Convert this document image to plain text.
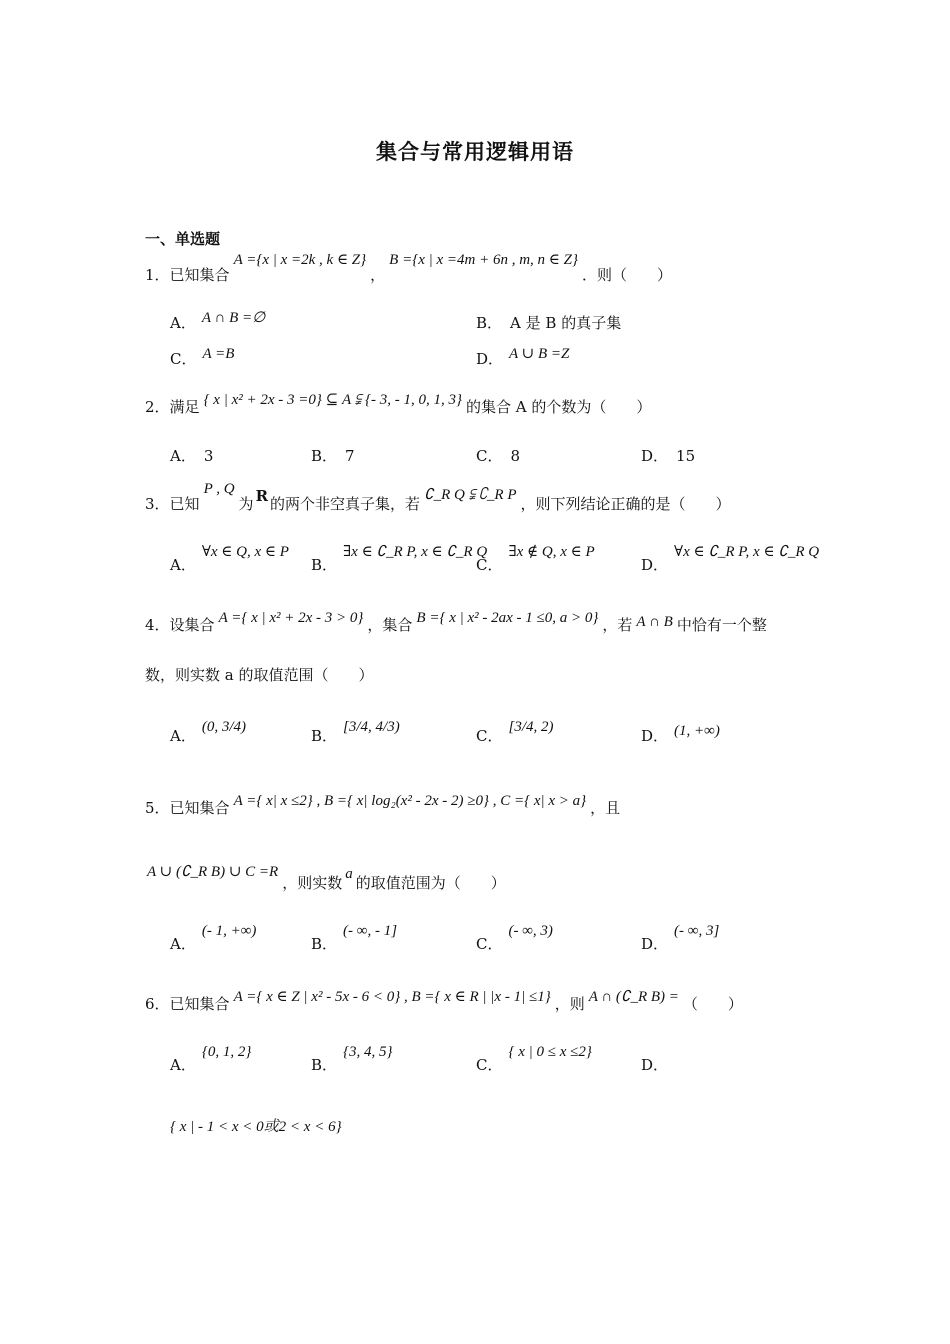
集合与常用逻辑用语
一、单选题
1．已知集合A ={x | x =2k , k ∈ Z}，B ={x | x =4m + 6n , m, n ∈ Z}．则（　　）
A． A ∩ B =∅	B． A 是 B 的真子集
C． A =B	D． A ∪ B =Z
2．满足 { x | x² + 2x - 3 =0} ⊆ A ⫋ {- 3, - 1, 0, 1, 3} 的集合 A 的个数为（　　）
A． 3	B． 7	C． 8	D． 15
3．已知P , Q为 R 的两个非空真子集，若 ∁_R Q ⫋ ∁_R P ，则下列结论正确的是（　　）
A．∀x ∈ Q, x ∈ P
B．∃x ∈ ∁_R P, x ∈ ∁_R Q
C．∃x ∉ Q, x ∈ P
D．∀x ∈ ∁_R P, x ∈ ∁_R Q
4．设集合 A ={ x | x² + 2x - 3 > 0} ，集合 B ={ x | x² - 2ax - 1 ≤0, a > 0} ，若 A ∩ B 中恰有一个整
数，则实数 a 的取值范围（　　）
A． (0, 3/4)	B． [3/4, 4/3)	C． [3/4, 2)	D． (1, +∞)
5．已知集合 A ={ x| x ≤2} , B ={ x| log₂(x² - 2x - 2) ≥0} , C ={ x| x > a} ，且
A ∪ (∁_R B) ∪ C =R，则实数 a 的取值范围为（　　）
A．(- 1, +∞)
B．(- ∞, - 1]
C．(- ∞, 3)
D．(- ∞, 3]
6．已知集合 A ={ x ∈ Z | x² - 5x - 6 < 0} , B ={ x ∈ R | |x - 1| ≤1} ，则 A ∩ (∁_R B) = （　　）
A．{0, 1, 2}
B．{3, 4, 5}
C．{ x | 0 ≤ x ≤2}
D．
{ x | - 1 < x < 0或2 < x < 6}
